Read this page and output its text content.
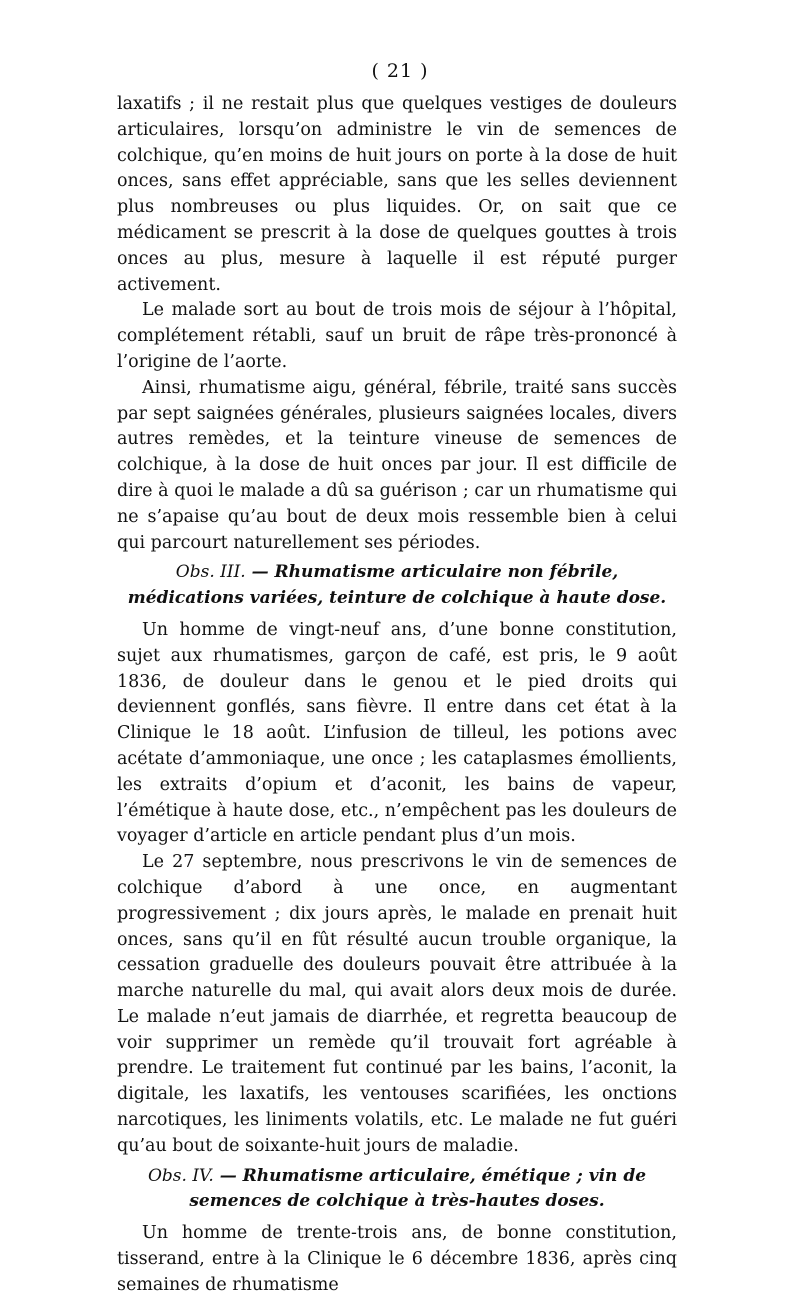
( 21 )

laxatifs ; il ne restait plus que quelques vestiges de douleurs articulaires, lorsqu’on administre le vin de semences de colchique, qu’en moins de huit jours on porte à la dose de huit onces, sans effet appréciable, sans que les selles deviennent plus nombreuses ou plus liquides. Or, on sait que ce médicament se prescrit à la dose de quelques gouttes à trois onces au plus, mesure à laquelle il est réputé purger activement.

Le malade sort au bout de trois mois de séjour à l’hôpital, complétement rétabli, sauf un bruit de râpe très-prononcé à l’origine de l’aorte.

Ainsi, rhumatisme aigu, général, fébrile, traité sans succès par sept saignées générales, plusieurs saignées locales, divers autres remèdes, et la teinture vineuse de semences de colchique, à la dose de huit onces par jour. Il est difficile de dire à quoi le malade a dû sa guérison ; car un rhumatisme qui ne s’apaise qu’au bout de deux mois ressemble bien à celui qui parcourt naturellement ses périodes.

Obs. III. — Rhumatisme articulaire non fébrile, médications variées, teinture de colchique à haute dose.

Un homme de vingt-neuf ans, d’une bonne constitution, sujet aux rhumatismes, garçon de café, est pris, le 9 août 1836, de douleur dans le genou et le pied droits qui deviennent gonflés, sans fièvre. Il entre dans cet état à la Clinique le 18 août. L’infusion de tilleul, les potions avec acétate d’ammoniaque, une once ; les cataplasmes émollients, les extraits d’opium et d’aconit, les bains de vapeur, l’émétique à haute dose, etc., n’empêchent pas les douleurs de voyager d’article en article pendant plus d’un mois.

Le 27 septembre, nous prescrivons le vin de semences de colchique d’abord à une once, en augmentant progressivement ; dix jours après, le malade en prenait huit onces, sans qu’il en fût résulté aucun trouble organique, la cessation graduelle des douleurs pouvait être attribuée à la marche naturelle du mal, qui avait alors deux mois de durée. Le malade n’eut jamais de diarrhée, et regretta beaucoup de voir supprimer un remède qu’il trouvait fort agréable à prendre. Le traitement fut continué par les bains, l’aconit, la digitale, les laxatifs, les ventouses scarifiées, les onctions narcotiques, les liniments volatils, etc. Le malade ne fut guéri qu’au bout de soixante-huit jours de maladie.

Obs. IV. — Rhumatisme articulaire, émétique ; vin de semences de colchique à très-hautes doses.

Un homme de trente-trois ans, de bonne constitution, tisserand, entre à la Clinique le 6 décembre 1836, après cinq semaines de rhumatisme
